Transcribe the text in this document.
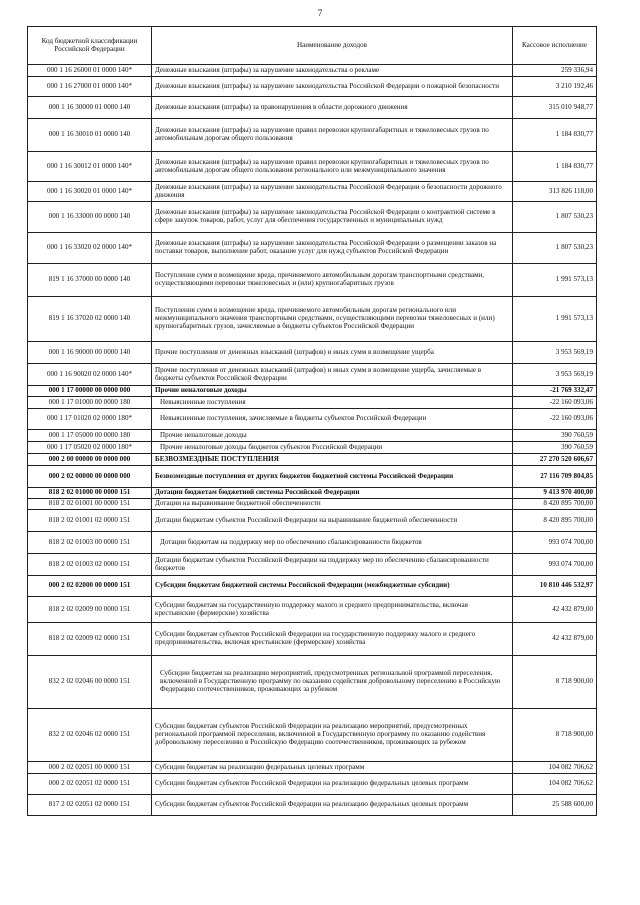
7
Код бюджетной классификации Российской Федерации	Наименование доходов	Кассовое исполнение
000 1 16 26000 01 0000 140*	Денежные взыскания (штрафы) за нарушение законодательства о рекламе	259 336,94
000 1 16 27000 01 0000 140*	Денежные взыскания (штрафы) за нарушение законодательства Российской Федерации о пожарной безопасности	3 210 192,46
000 1 16 30000 01 0000 140	Денежные взыскания (штрафы) за правонарушения в области дорожного движения	315 010 948,77
000 1 16 30010 01 0000 140	Денежные взыскания (штрафы) за нарушение правил перевозки крупногабаритных и тяжеловесных грузов по автомобильным дорогам общего пользования	1 184 830,77
000 1 16 30012 01 0000 140*	Денежные взыскания (штрафы) за нарушение правил перевозки крупногабаритных и тяжеловесных грузов по автомобильным дорогам общего пользования регионального или межмуниципального значения	1 184 830,77
000 1 16 30020 01 0000 140*	Денежные взыскания (штрафы) за нарушение законодательства Российской Федерации о безопасности дорожного движения	313 826 118,00
000 1 16 33000 00 0000 140	Денежные взыскания (штрафы) за нарушение законодательства Российской Федерации о контрактной системе в сфере закупок товаров, работ, услуг для обеспечения государственных и муниципальных нужд	1 807 530,23
000 1 16 33020 02 0000 140*	Денежные взыскания (штрафы) за нарушение законодательства Российской Федерации о размещении заказов на поставки товаров, выполнение работ, оказание услуг для нужд субъектов Российской Федерации	1 807 530,23
819 1 16 37000 00 0000 140	Поступления сумм в возмещение вреда, причиняемого автомобильным дорогам транспортными средствами, осуществляющими перевозки тяжеловесных и (или) крупногабаритных грузов	1 991 573,13
819 1 16 37020 02 0000 140	Поступления сумм в возмещение вреда, причиняемого автомобильным дорогам регионального или межмуниципального значения транспортными средствами, осуществляющими перевозки тяжеловесных и (или) крупногабаритных грузов, зачисляемые в бюджеты субъектов Российской Федерации	1 991 573,13
000 1 16 90000 00 0000 140	Прочие поступления от денежных взысканий (штрафов) и иных сумм в возмещение ущерба	3 953 569,19
000 1 16 90020 02 0000 140*	Прочие поступления от денежных взысканий (штрафов) и иных сумм в возмещение ущерба, зачисляемые в бюджеты субъектов Российской Федерации	3 953 569,19
000 1 17 00000 00 0000 000	Прочие неналоговые доходы	-21 769 332,47
000 1 17 01000 00 0000 180	Невыясненные поступления	-22 160 093,06
000 1 17 01020 02 0000 180*	Невыясненные поступления, зачисляемые в бюджеты субъектов Российской Федерации	-22 160 093,06
000 1 17 05000 00 0000 180	Прочие неналоговые доходы	390 760,59
000 1 17 05020 02 0000 180*	Прочие неналоговые доходы бюджетов субъектов Российской Федерации	390 760,59
000 2 00 00000 00 0000 000	БЕЗВОЗМЕЗДНЫЕ ПОСТУПЛЕНИЯ	27 270 520 606,67
000 2 02 00000 00 0000 000	Безвозмездные поступления от других бюджетов бюджетной системы Российской Федерации	27 116 709 804,85
818 2 02 01000 00 0000 151	Дотации бюджетам бюджетной системы Российской Федерации	9 413 970 400,00
818 2 02 01001 00 0000 151	Дотации на выравнивание бюджетной обеспеченности	8 420 895 700,00
818 2 02 01001 02 0000 151	Дотации бюджетам субъектов Российской Федерации на выравнивание бюджетной обеспеченности	8 420 895 700,00
818 2 02 01003 00 0000 151	Дотации бюджетам на поддержку мер по обеспечению сбалансированности бюджетов	993 074 700,00
818 2 02 01003 02 0000 151	Дотации бюджетам субъектов Российской Федерации на поддержку мер по обеспечению сбалансированности бюджетов	993 074 700,00
000 2 02 02000 00 0000 151	Субсидии бюджетам бюджетной системы Российской Федерации (межбюджетные субсидии)	10 810 446 532,97
818 2 02 02009 00 0000 151	Субсидии бюджетам на государственную поддержку малого и среднего предпринимательства, включая крестьянские (фермерские) хозяйства	42 432 879,00
818 2 02 02009 02 0000 151	Субсидии бюджетам субъектов Российской Федерации на государственную поддержку малого и среднего предпринимательства, включая крестьянские (фермерские) хозяйства	42 432 879,00
832 2 02 02046 00 0000 151	Субсидии бюджетам на реализацию мероприятий, предусмотренных региональной программой переселения, включенной в Государственную программу по оказанию содействия добровольному переселению в Российскую Федерацию соотечественников, проживающих за рубежом	8 718 900,00
832 2 02 02046 02 0000 151	Субсидии бюджетам субъектов Российской Федерации на реализацию мероприятий, предусмотренных региональной программой переселения, включенной в Государственную программу по оказанию содействия добровольному переселению в Российскую Федерацию соотечественников, проживающих за рубежом	8 718 900,00
000 2 02 02051 00 0000 151	Субсидии бюджетам на реализацию федеральных целевых программ	104 082 706,62
000 2 02 02051 02 0000 151	Субсидии бюджетам субъектов Российской Федерации на реализацию федеральных целевых программ	104 082 706,62
817 2 02 02051 02 0000 151	Субсидии бюджетам субъектов Российской Федерации на реализацию федеральных целевых программ	25 588 600,00
